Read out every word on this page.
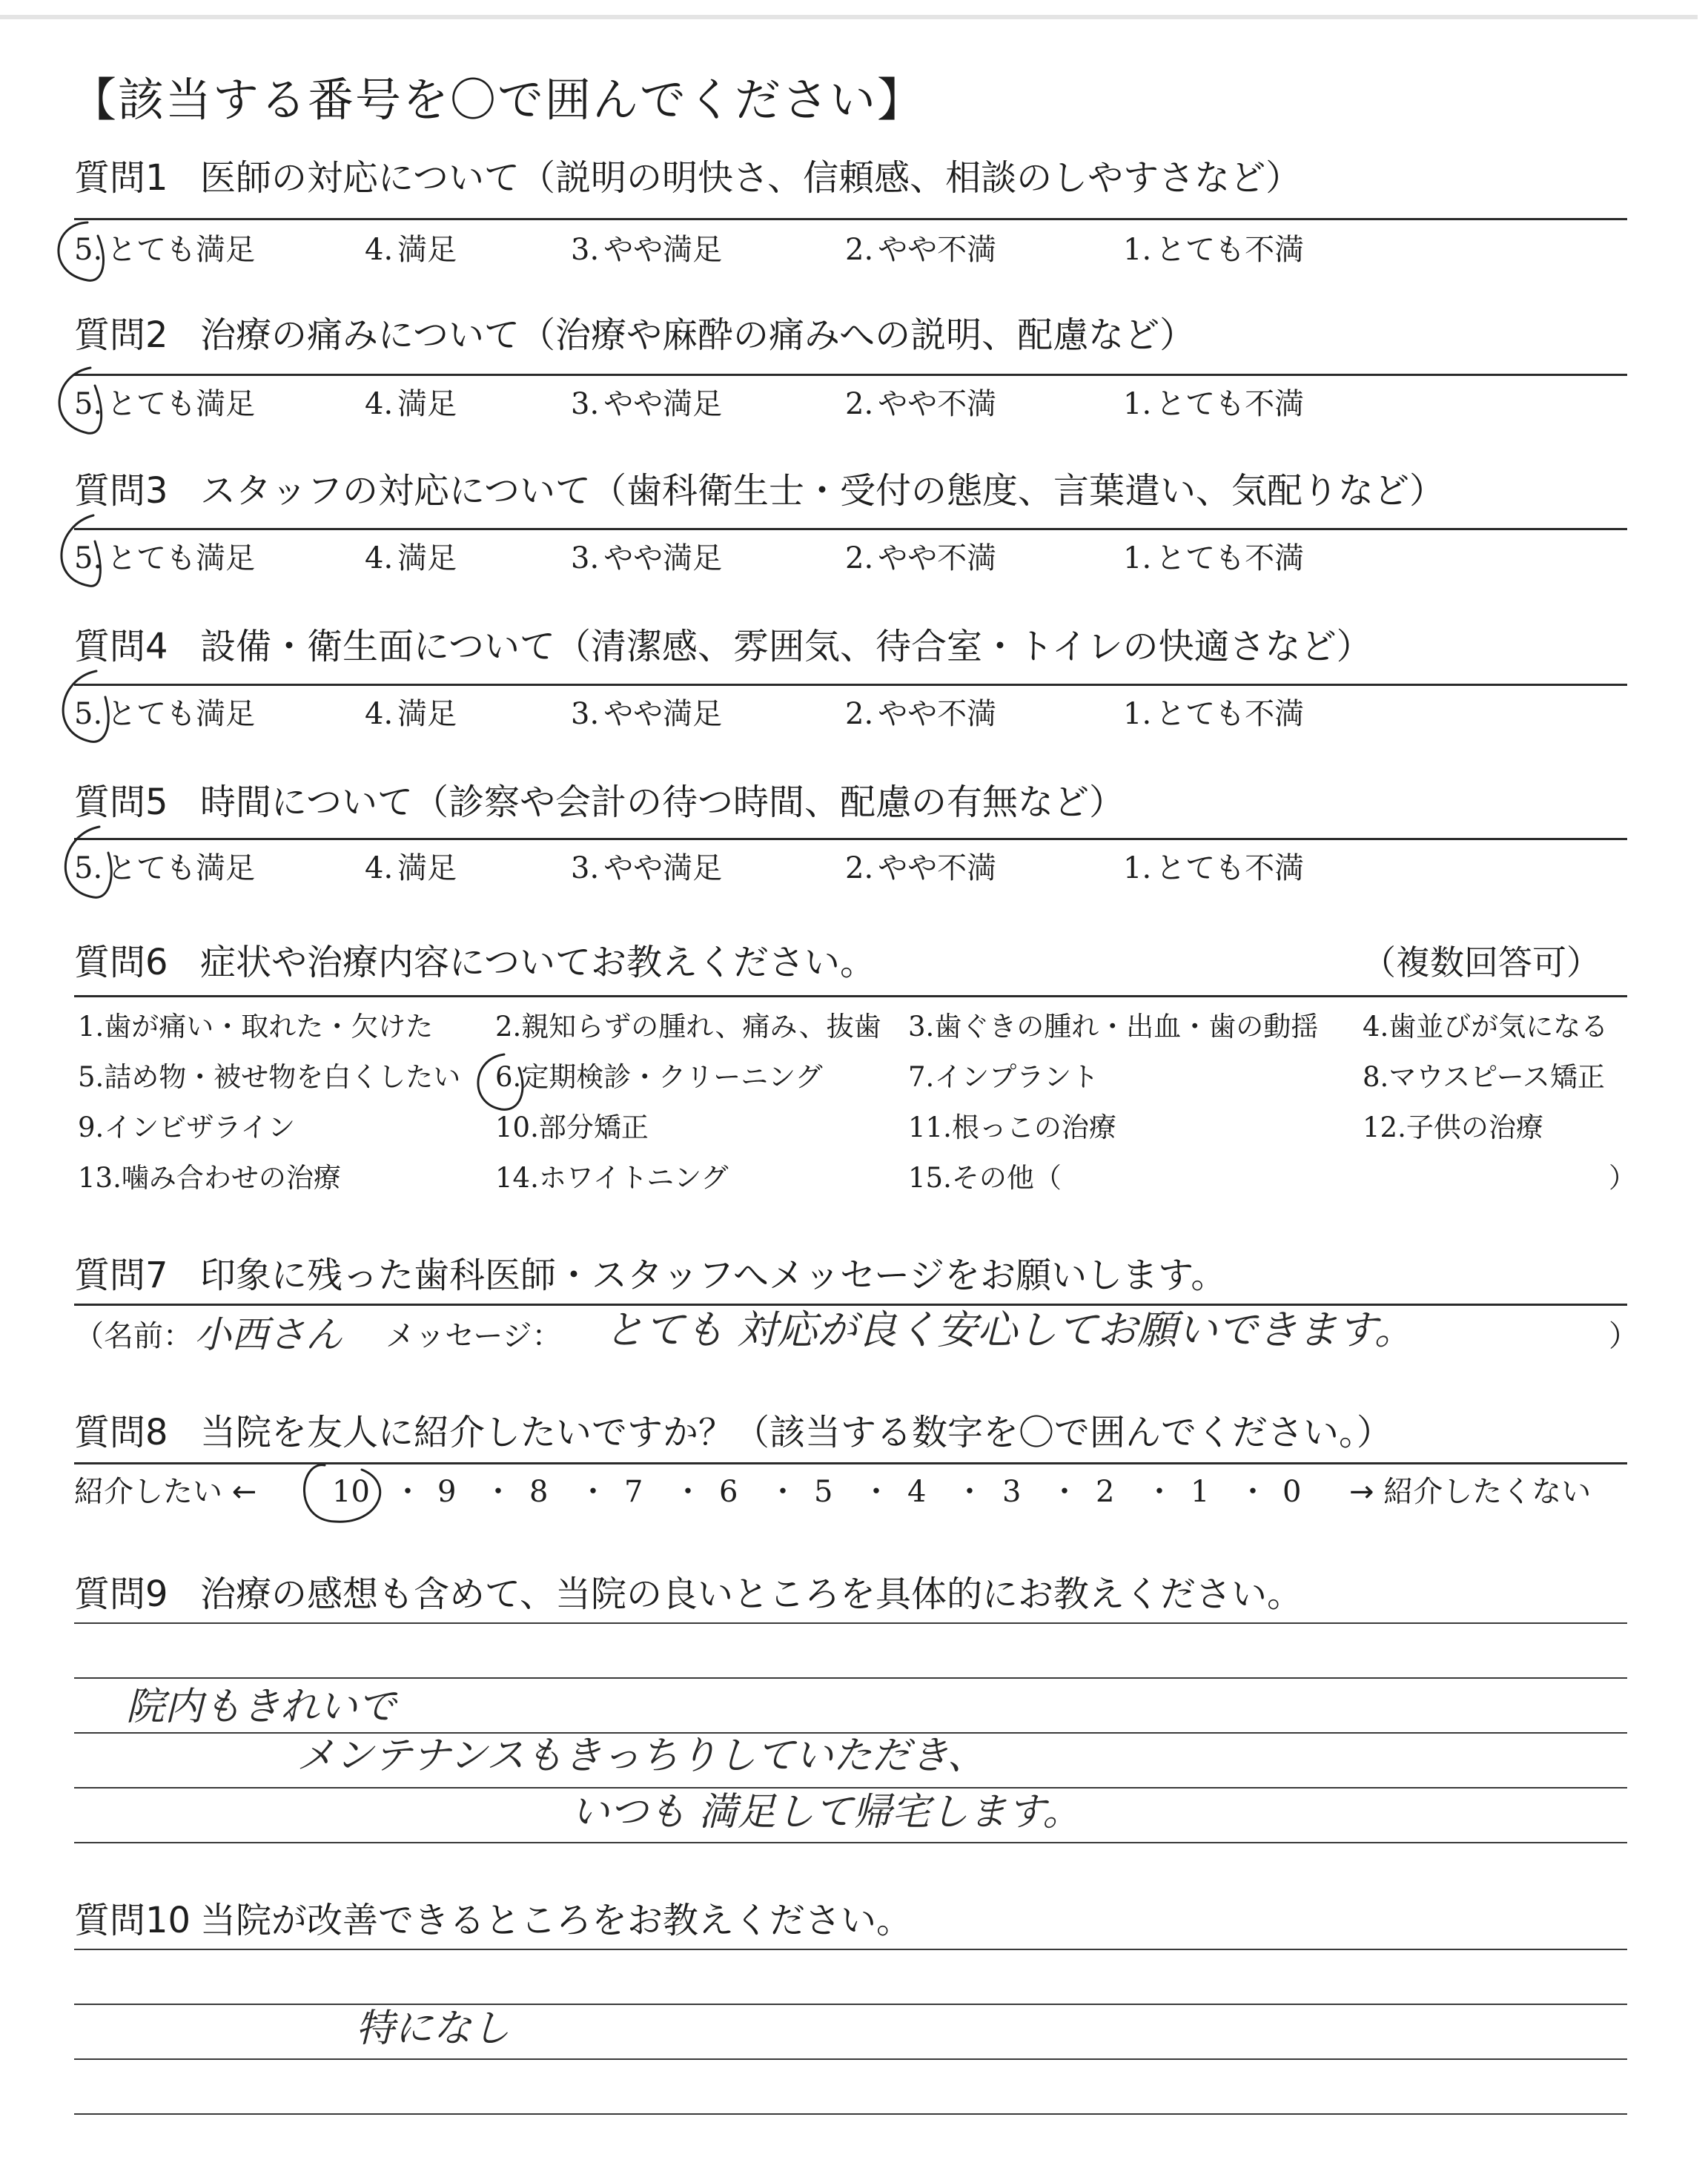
【該当する番号を〇で囲んでください】
質問1 医師の対応について（説明の明快さ、信頼感、相談のしやすさなど）
5. とても満足	4. 満足	3. やや満足	2. やや不満	1. とても不満
質問2 治療の痛みについて（治療や麻酔の痛みへの説明、配慮など）
5. とても満足	4. 満足	3. やや満足	2. やや不満	1. とても不満
質問3 スタッフの対応について（歯科衛生士・受付の態度、言葉遣い、気配りなど）
5. とても満足	4. 満足	3. やや満足	2. やや不満	1. とても不満
質問4 設備・衛生面について（清潔感、雰囲気、待合室・トイレの快適さなど）
5. とても満足	4. 満足	3. やや満足	2. やや不満	1. とても不満
質問5 時間について（診察や会計の待つ時間、配慮の有無など）
5. とても満足	4. 満足	3. やや満足	2. やや不満	1. とても不満
質問6 症状や治療内容についてお教えください。	（複数回答可）
1.歯が痛い・取れた・欠けた 2.親知らずの腫れ、痛み、抜歯 3.歯ぐきの腫れ・出血・歯の動揺 4.歯並びが気になる
5.詰め物・被せ物を白くしたい 6.定期検診・クリーニング	7.インプラント	8.マウスピース矯正
9.インビザライン	10.部分矯正	11.根っこの治療	12.子供の治療
13.噛み合わせの治療	14.ホワイトニング	15.その他（	）
質問7 印象に残った歯科医師・スタッフへメッセージをお願いします。
（名前： 小西さん メッセージ： とても 対応が良く安心してお願いできます。	）
質問8 当院を友人に紹介したいですか？（該当する数字を〇で囲んでください。）
紹介したい ←	10 ・ 9 ・ 8 ・ 7 ・ 6 ・ 5 ・ 4 ・ 3 ・ 2 ・ 1 ・ 0 → 紹介したくない
質問9 治療の感想も含めて、当院の良いところを具体的にお教えください。
院内もきれいで
メンテナンスもきっちりしていただき、
いつも 満足して帰宅します。
質問10 当院が改善できるところをお教えください。
特になし
